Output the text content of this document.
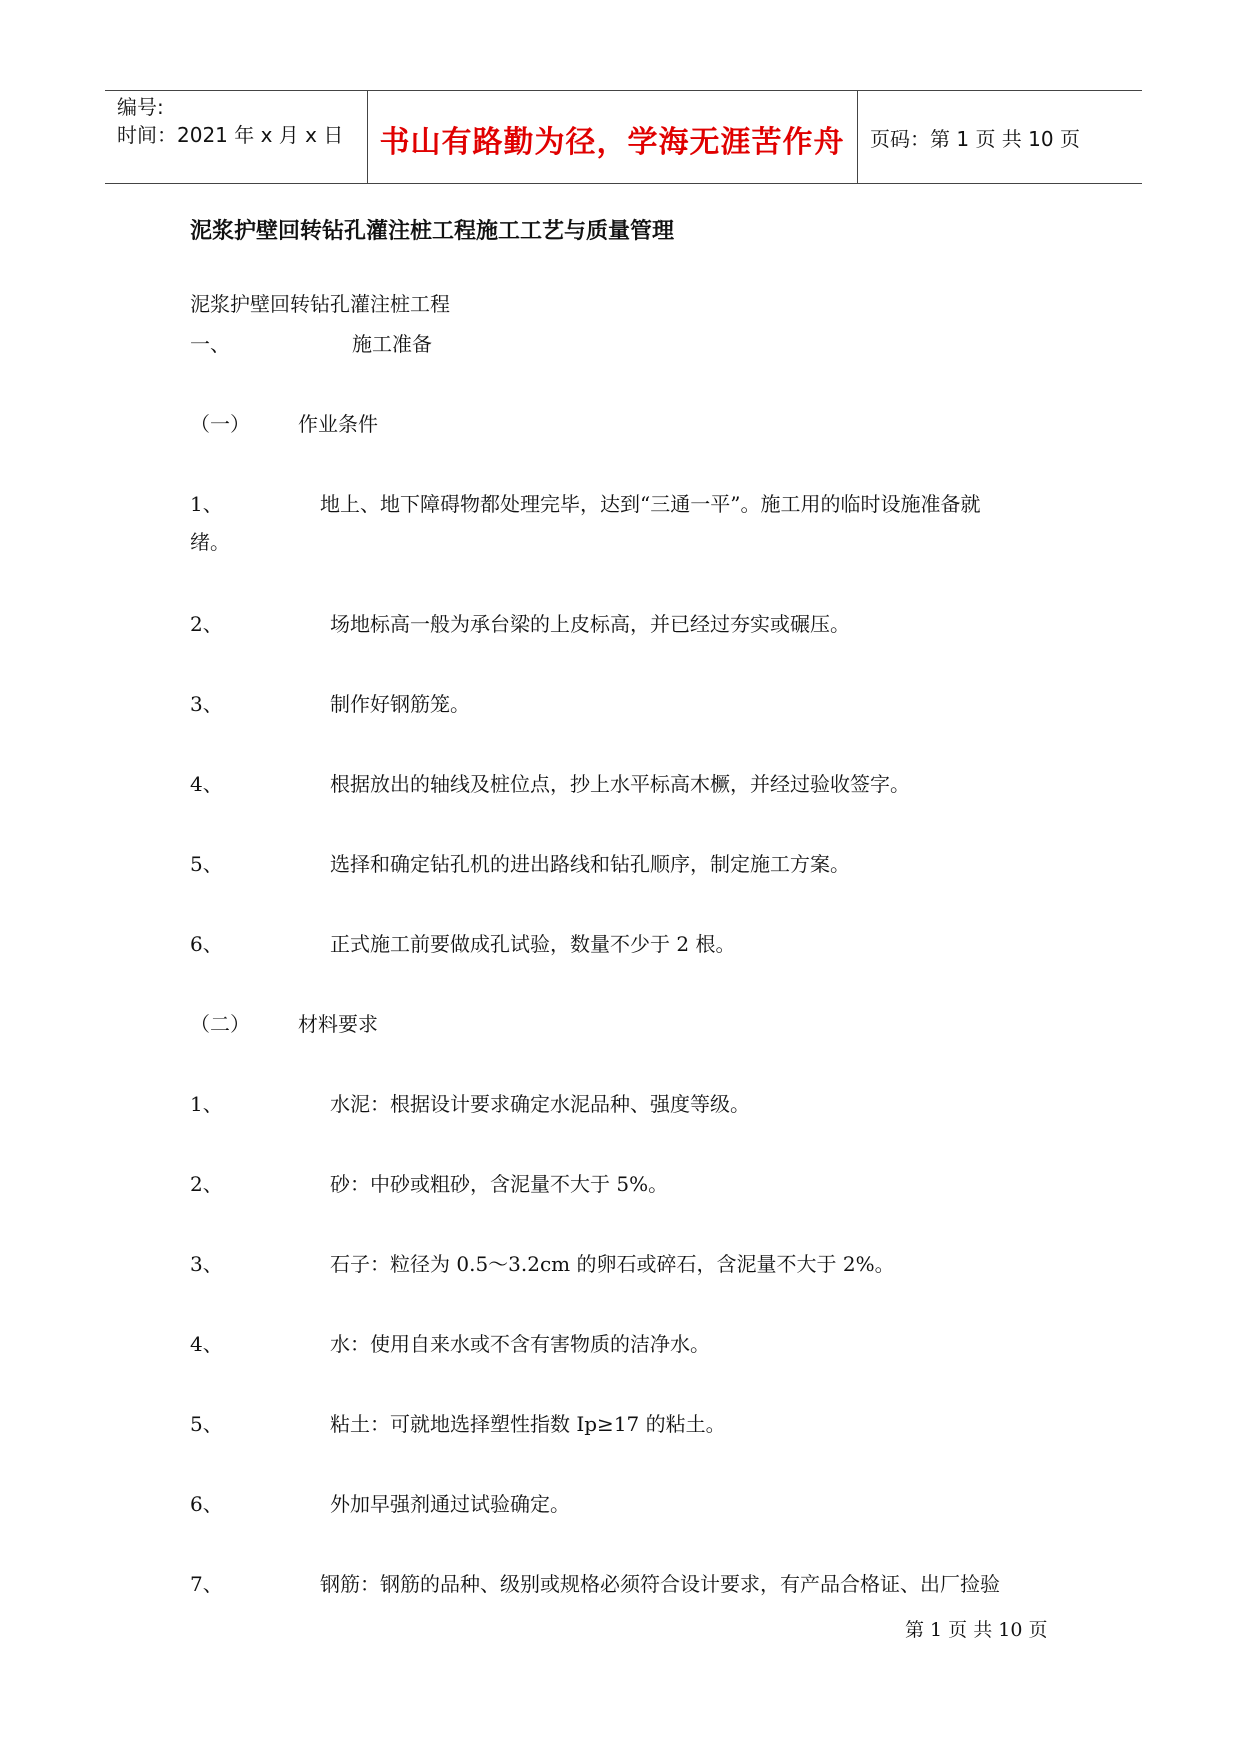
编号:
时间：2021 年 x 月 x 日	书山有路勤为径，学海无涯苦作舟	页码：第 1 页 共 10 页
泥浆护壁回转钻孔灌注桩工程施工工艺与质量管理
泥浆护壁回转钻孔灌注桩工程
一、	施工准备
（一） 作业条件
1、	地上、地下障碍物都处理完毕，达到“三通一平”。施工用的临时设施准备就
绪。
2、	场地标高一般为承台梁的上皮标高，并已经过夯实或碾压。
3、	制作好钢筋笼。
4、	根据放出的轴线及桩位点，抄上水平标高木橛，并经过验收签字。
5、	选择和确定钻孔机的进出路线和钻孔顺序，制定施工方案。
6、	正式施工前要做成孔试验，数量不少于 2 根。
（二） 材料要求
1、	水泥：根据设计要求确定水泥品种、强度等级。
2、	砂：中砂或粗砂，含泥量不大于 5%。
3、	石子：粒径为 0.5～3.2cm 的卵石或碎石，含泥量不大于 2%。
4、	水：使用自来水或不含有害物质的洁净水。
5、	粘土：可就地选择塑性指数 Ip≥17 的粘土。
6、	外加早强剂通过试验确定。
7、	钢筋：钢筋的品种、级别或规格必须符合设计要求，有产品合格证、出厂捡验
第 1 页 共 10 页
